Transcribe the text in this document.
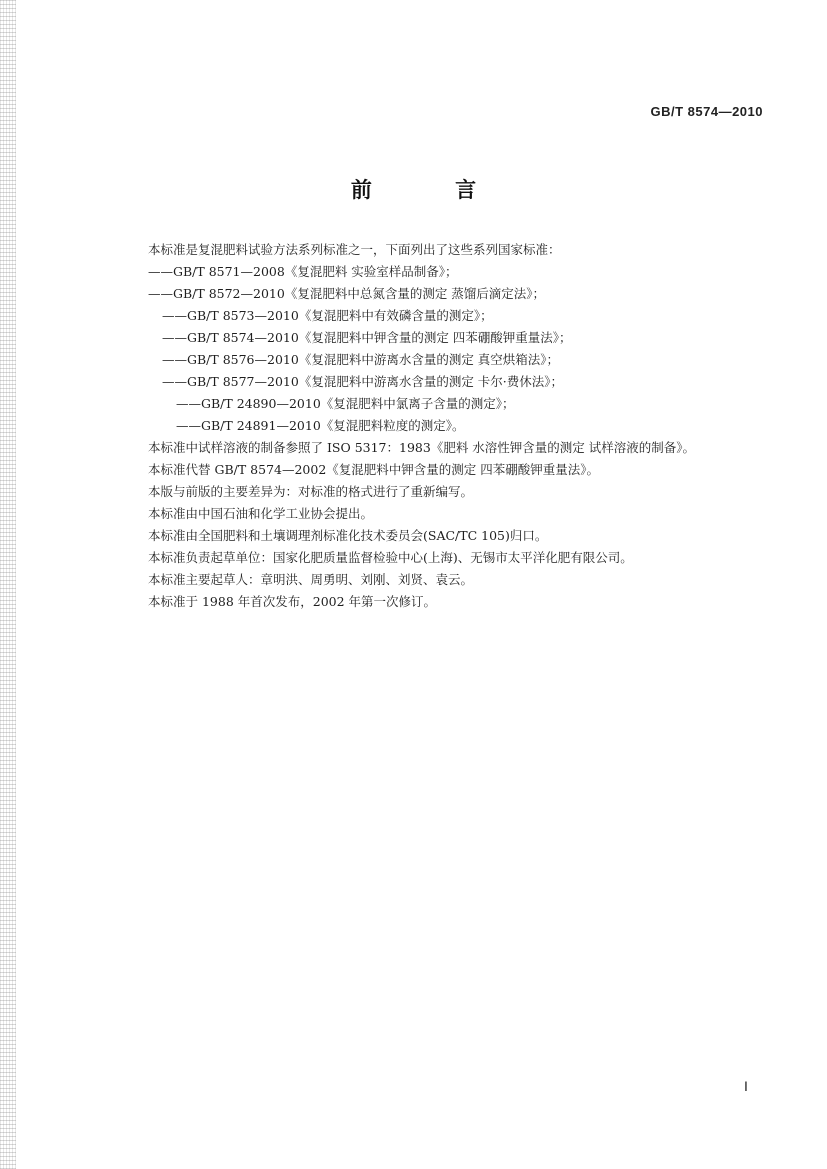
GB/T 8574—2010
前 言
本标准是复混肥料试验方法系列标准之一，下面列出了这些系列国家标准：
——GB/T 8571—2008《复混肥料 实验室样品制备》；
——GB/T 8572—2010《复混肥料中总氮含量的测定 蒸馏后滴定法》；
——GB/T 8573—2010《复混肥料中有效磷含量的测定》；
——GB/T 8574—2010《复混肥料中钾含量的测定 四苯硼酸钾重量法》；
——GB/T 8576—2010《复混肥料中游离水含量的测定 真空烘箱法》；
——GB/T 8577—2010《复混肥料中游离水含量的测定 卡尔·费休法》；
——GB/T 24890—2010《复混肥料中氯离子含量的测定》；
——GB/T 24891—2010《复混肥料粒度的测定》。
本标准中试样溶液的制备参照了 ISO 5317：1983《肥料 水溶性钾含量的测定 试样溶液的制备》。
本标准代替 GB/T 8574—2002《复混肥料中钾含量的测定 四苯硼酸钾重量法》。
本版与前版的主要差异为：对标准的格式进行了重新编写。
本标准由中国石油和化学工业协会提出。
本标准由全国肥料和土壤调理剂标准化技术委员会(SAC/TC 105)归口。
本标准负责起草单位：国家化肥质量监督检验中心(上海)、无锡市太平洋化肥有限公司。
本标准主要起草人：章明洪、周勇明、刘刚、刘贤、袁云。
本标准于 1988 年首次发布，2002 年第一次修订。
I
